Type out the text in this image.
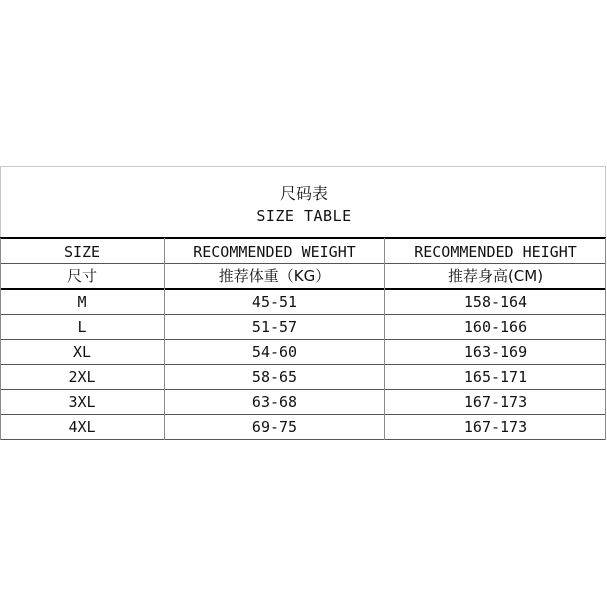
尺码表
SIZE TABLE
SIZE	RECOMMENDED WEIGHT	RECOMMENDED HEIGHT
尺寸	推荐体重（KG）	推荐身高(CM)
M	45-51	158-164
L	51-57	160-166
XL	54-60	163-169
2XL	58-65	165-171
3XL	63-68	167-173
4XL	69-75	167-173
